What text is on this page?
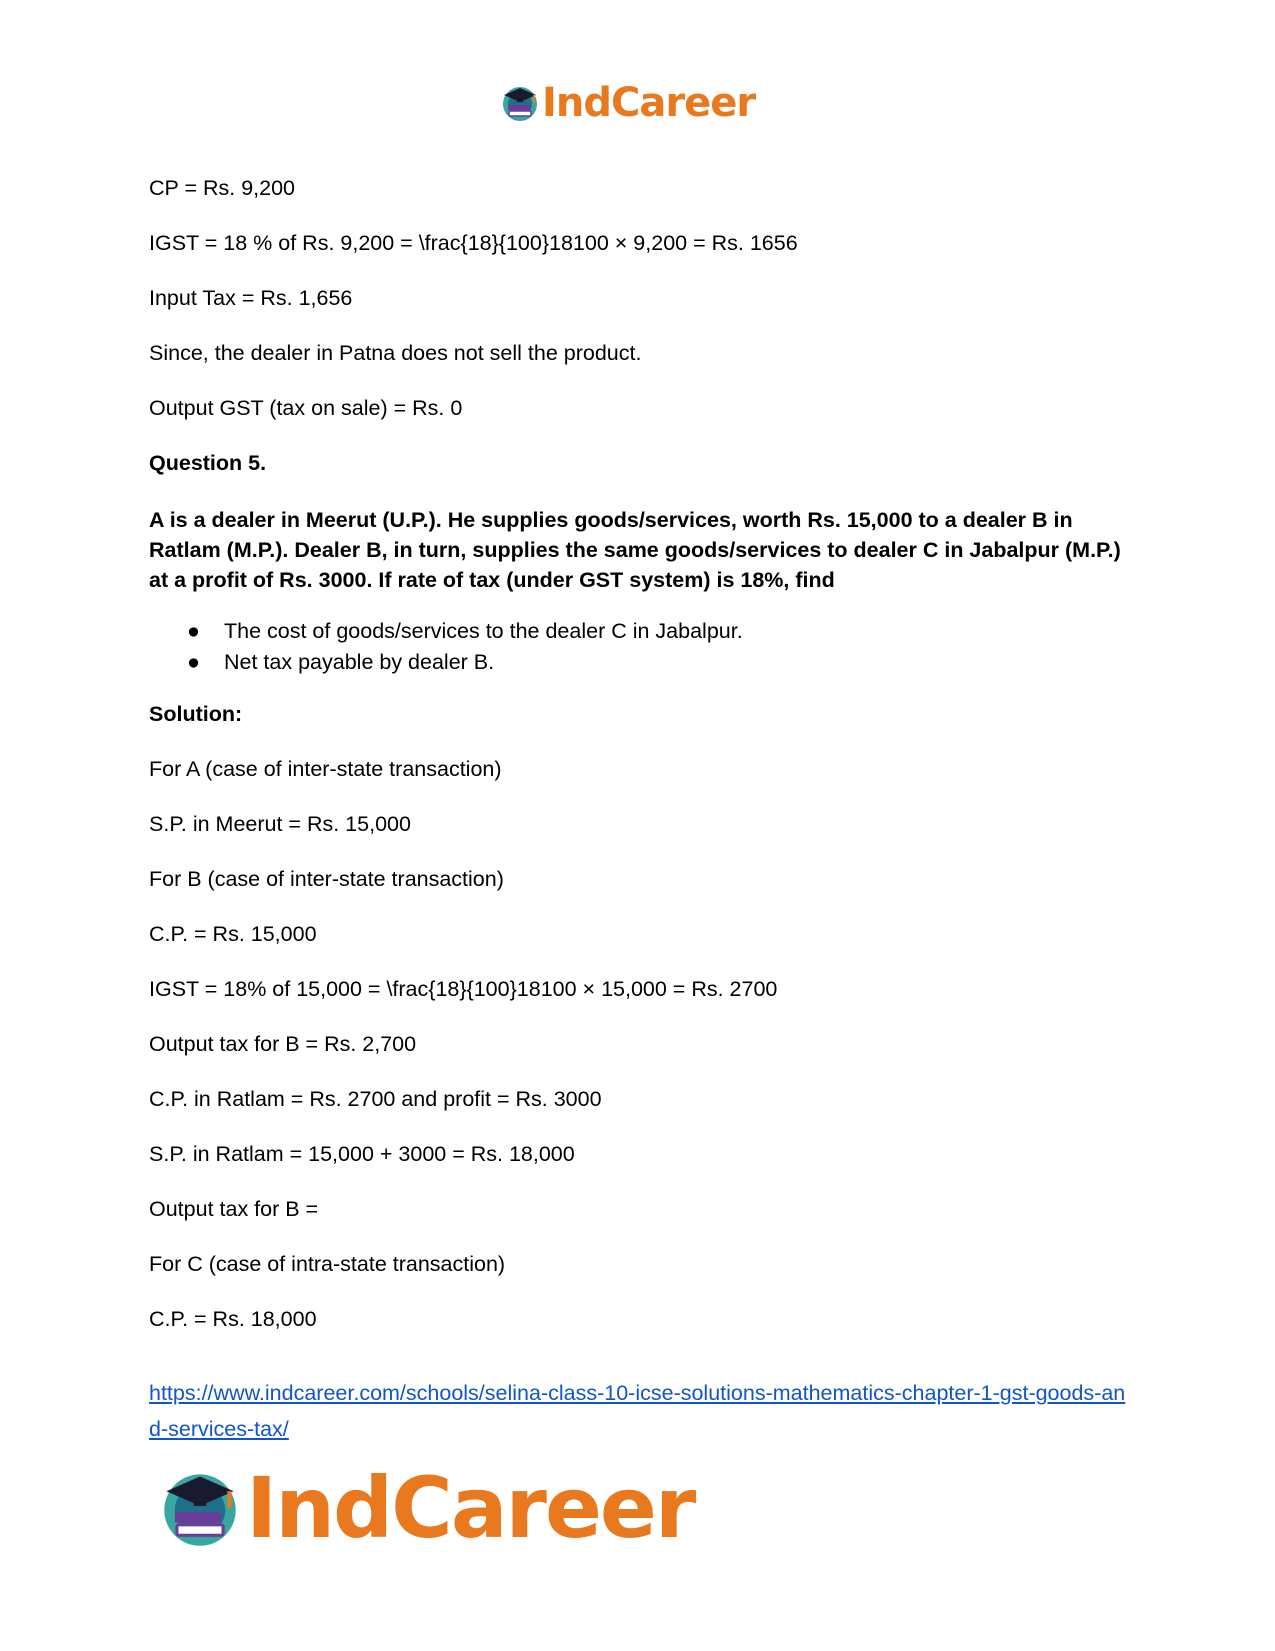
IndCareer

CP = Rs. 9,200

IGST = 18 % of Rs. 9,200 = \frac{18}{100}18100 × 9,200 = Rs. 1656

Input Tax = Rs. 1,656

Since, the dealer in Patna does not sell the product.

Output GST (tax on sale) = Rs. 0

Question 5.

A is a dealer in Meerut (U.P.). He supplies goods/services, worth Rs. 15,000 to a dealer B in Ratlam (M.P.). Dealer B, in turn, supplies the same goods/services to dealer C in Jabalpur (M.P.) at a profit of Rs. 3000. If rate of tax (under GST system) is 18%, find

● The cost of goods/services to the dealer C in Jabalpur.
● Net tax payable by dealer B.

Solution:

For A (case of inter-state transaction)

S.P. in Meerut = Rs. 15,000

For B (case of inter-state transaction)

C.P. = Rs. 15,000

IGST = 18% of 15,000 = \frac{18}{100}18100 × 15,000 = Rs. 2700

Output tax for B = Rs. 2,700

C.P. in Ratlam = Rs. 2700 and profit = Rs. 3000

S.P. in Ratlam = 15,000 + 3000 = Rs. 18,000

Output tax for B =

For C (case of intra-state transaction)

C.P. = Rs. 18,000

https://www.indcareer.com/schools/selina-class-10-icse-solutions-mathematics-chapter-1-gst-goods-and-services-tax/
IndCareer
